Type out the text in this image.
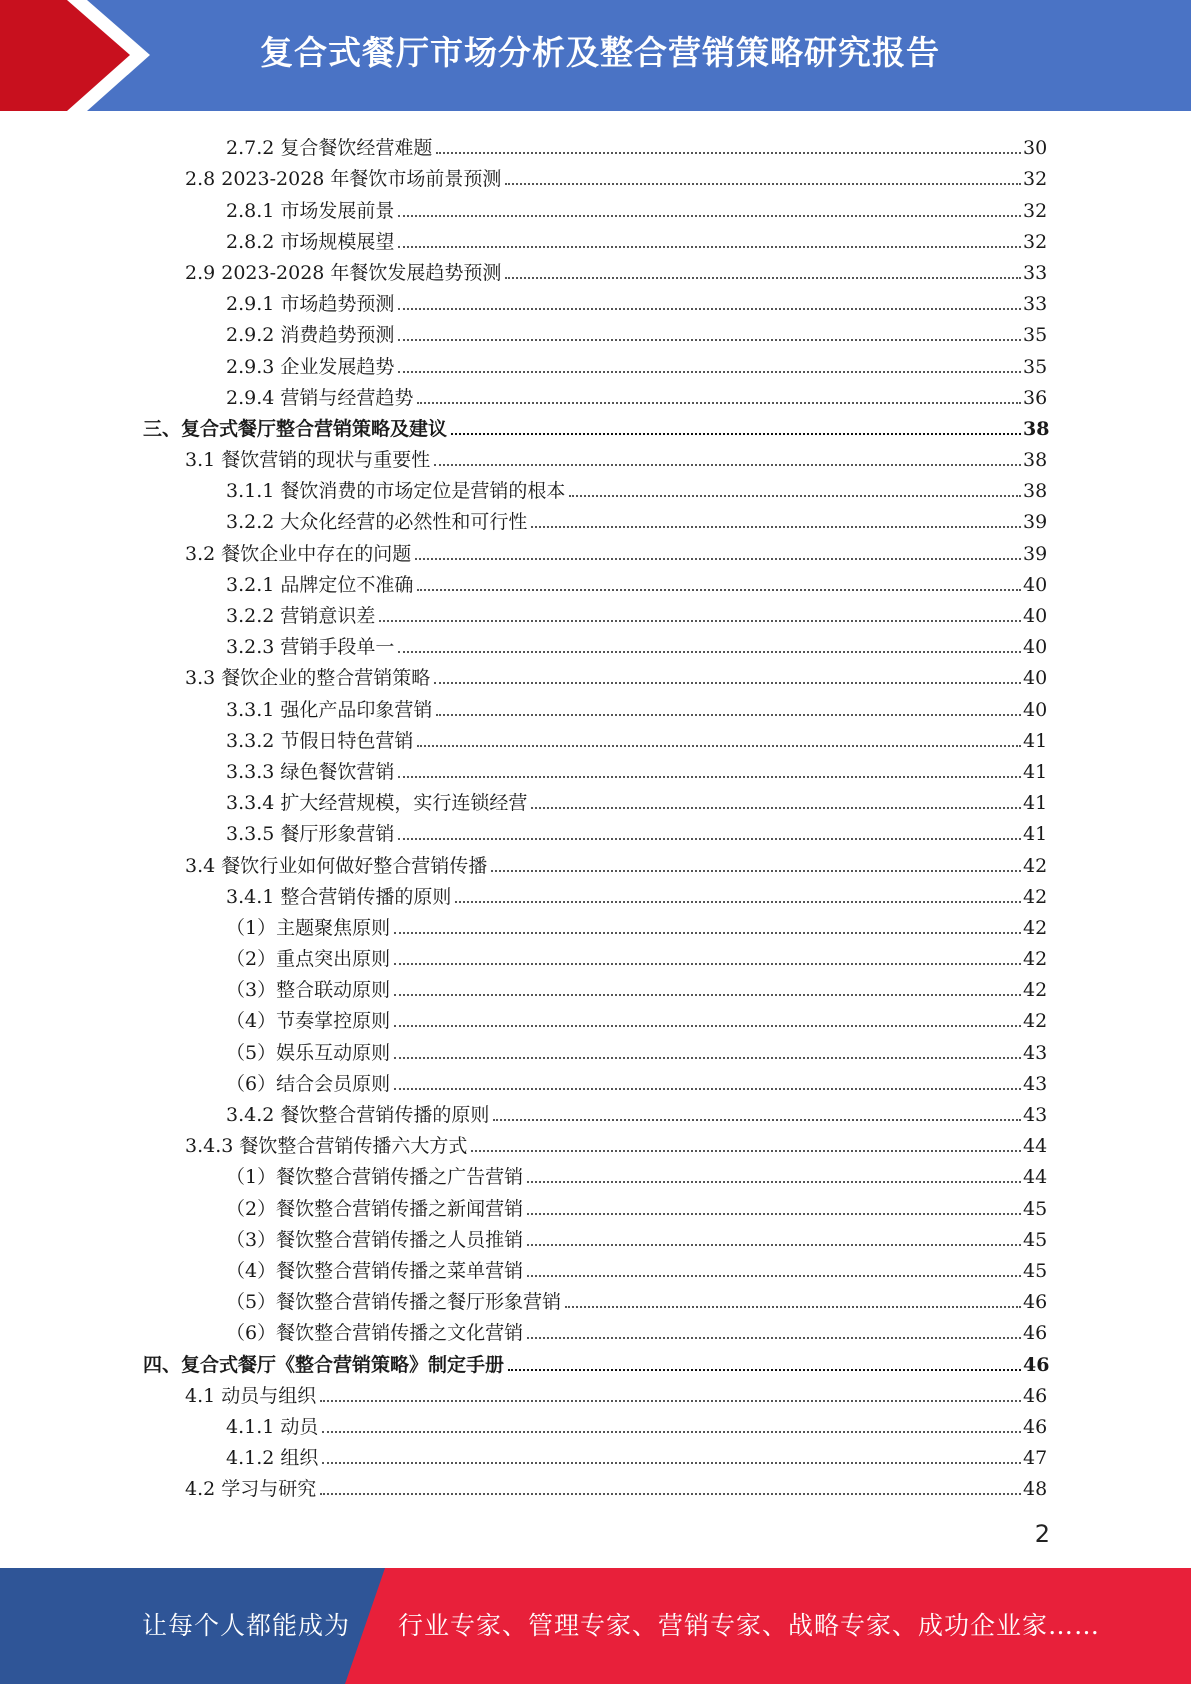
复合式餐厅市场分析及整合营销策略研究报告
2.7.2 复合餐饮经营难题	30
2.8 2023-2028 年餐饮市场前景预测	32
2.8.1 市场发展前景	32
2.8.2 市场规模展望	32
2.9 2023-2028 年餐饮发展趋势预测	33
2.9.1 市场趋势预测	33
2.9.2 消费趋势预测	35
2.9.3 企业发展趋势	35
2.9.4 营销与经营趋势	36
三、复合式餐厅整合营销策略及建议	38
3.1 餐饮营销的现状与重要性	38
3.1.1 餐饮消费的市场定位是营销的根本	38
3.2.2 大众化经营的必然性和可行性	39
3.2 餐饮企业中存在的问题	39
3.2.1 品牌定位不准确	40
3.2.2 营销意识差	40
3.2.3 营销手段单一	40
3.3 餐饮企业的整合营销策略	40
3.3.1 强化产品印象营销	40
3.3.2 节假日特色营销	41
3.3.3 绿色餐饮营销	41
3.3.4 扩大经营规模，实行连锁经营	41
3.3.5 餐厅形象营销	41
3.4 餐饮行业如何做好整合营销传播	42
3.4.1 整合营销传播的原则	42
（1）主题聚焦原则	42
（2）重点突出原则	42
（3）整合联动原则	42
（4）节奏掌控原则	42
（5）娱乐互动原则	43
（6）结合会员原则	43
3.4.2 餐饮整合营销传播的原则	43
3.4.3 餐饮整合营销传播六大方式	44
（1）餐饮整合营销传播之广告营销	44
（2）餐饮整合营销传播之新闻营销	45
（3）餐饮整合营销传播之人员推销	45
（4）餐饮整合营销传播之菜单营销	45
（5）餐饮整合营销传播之餐厅形象营销	46
（6）餐饮整合营销传播之文化营销	46
四、复合式餐厅《整合营销策略》制定手册	46
4.1 动员与组织	46
4.1.1 动员	46
4.1.2 组织	47
4.2 学习与研究	48
2
让每个人都能成为 行业专家、管理专家、营销专家、战略专家、成功企业家……
